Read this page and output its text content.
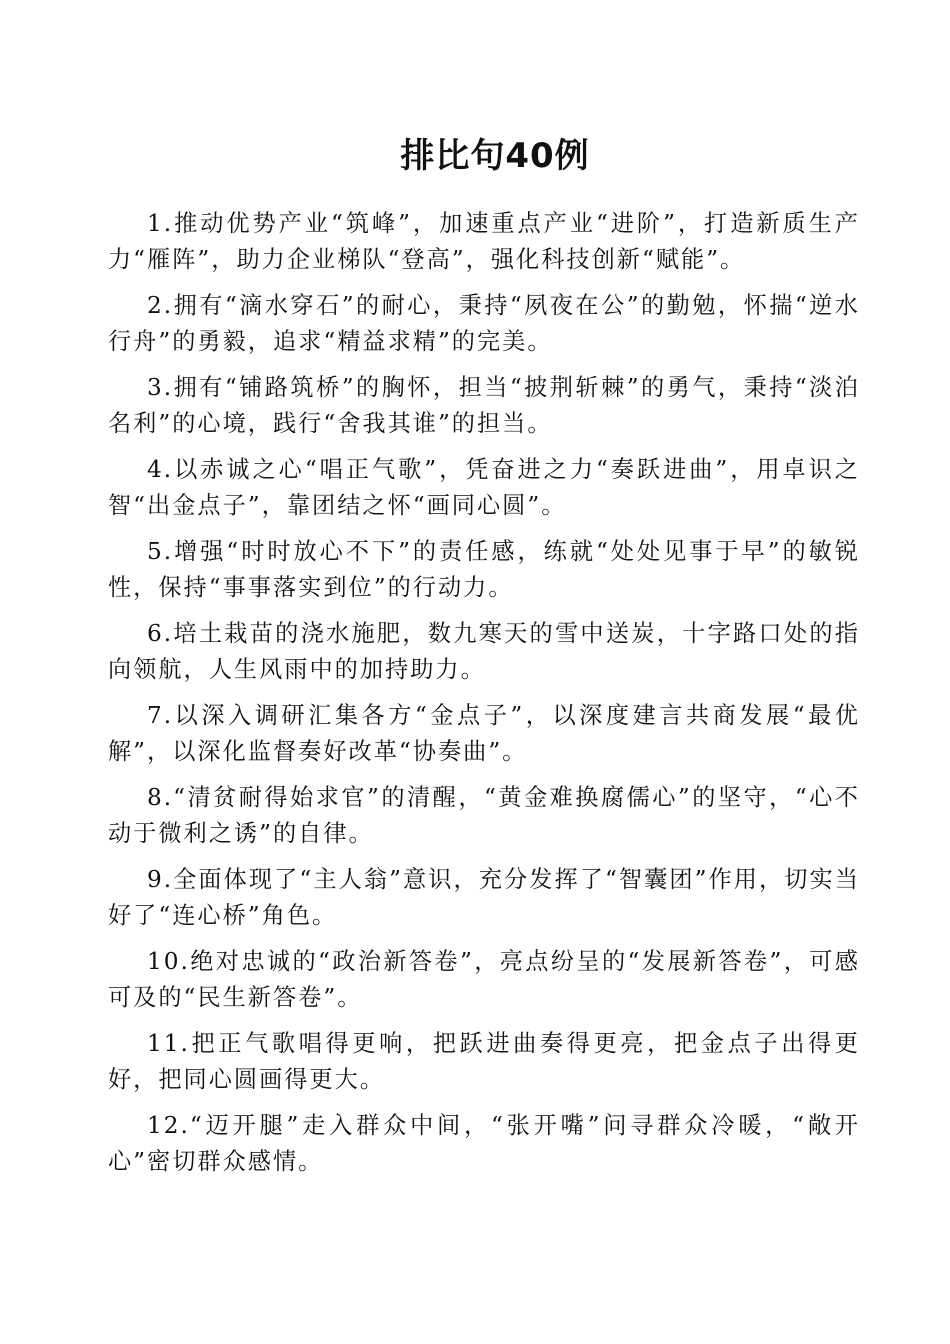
排比句40例

1.推动优势产业“筑峰”，加速重点产业“进阶”，打造新质生产力“雁阵”，助力企业梯队“登高”，强化科技创新“赋能”。

2.拥有“滴水穿石”的耐心，秉持“夙夜在公”的勤勉，怀揣“逆水行舟”的勇毅，追求“精益求精”的完美。

3.拥有“铺路筑桥”的胸怀，担当“披荆斩棘”的勇气，秉持“淡泊名利”的心境，践行“舍我其谁”的担当。

4.以赤诚之心“唱正气歌”，凭奋进之力“奏跃进曲”，用卓识之智“出金点子”，靠团结之怀“画同心圆”。

5.增强“时时放心不下”的责任感，练就“处处见事于早”的敏锐性，保持“事事落实到位”的行动力。

6.培土栽苗的浇水施肥，数九寒天的雪中送炭，十字路口处的指向领航，人生风雨中的加持助力。

7.以深入调研汇集各方“金点子”，以深度建言共商发展“最优解”，以深化监督奏好改革“协奏曲”。

8.“清贫耐得始求官”的清醒，“黄金难换腐儒心”的坚守，“心不动于微利之诱”的自律。

9.全面体现了“主人翁”意识，充分发挥了“智囊团”作用，切实当好了“连心桥”角色。

10.绝对忠诚的“政治新答卷”，亮点纷呈的“发展新答卷”，可感可及的“民生新答卷”。

11.把正气歌唱得更响，把跃进曲奏得更亮，把金点子出得更好，把同心圆画得更大。

12.“迈开腿”走入群众中间，“张开嘴”问寻群众冷暖，“敞开心”密切群众感情。
